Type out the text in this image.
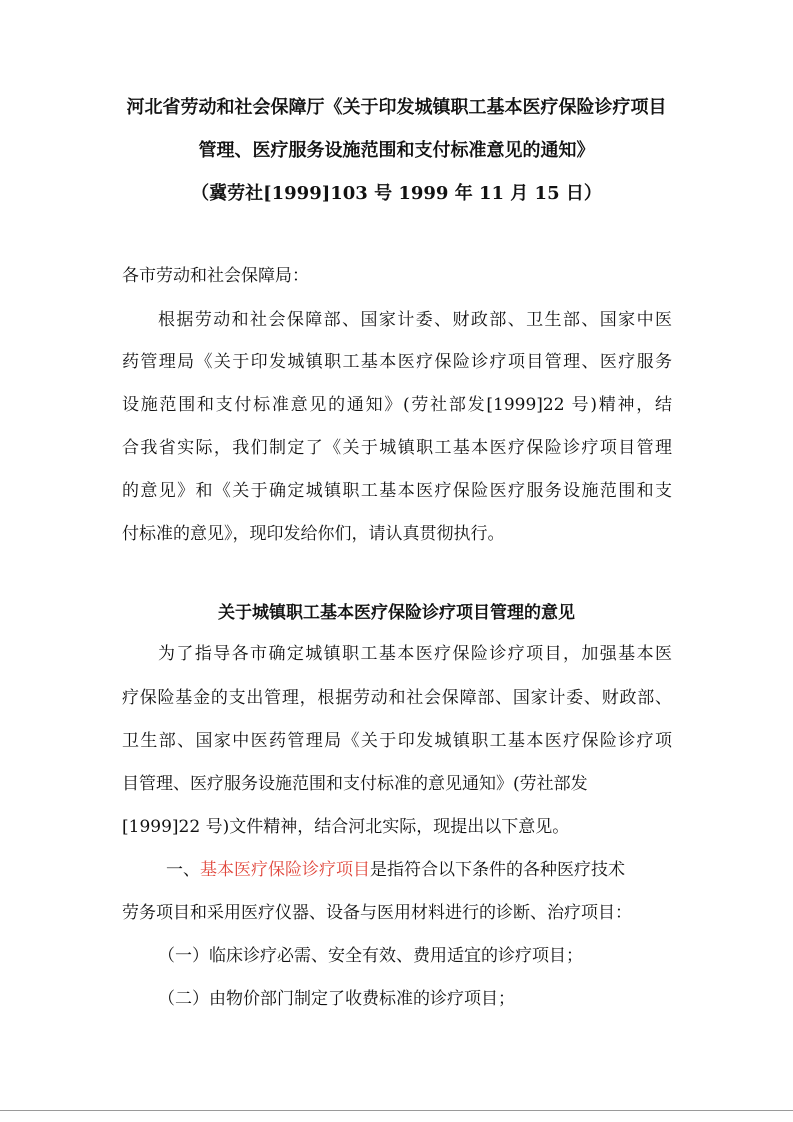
河北省劳动和社会保障厅《关于印发城镇职工基本医疗保险诊疗项目
管理、医疗服务设施范围和支付标准意见的通知》
（冀劳社[1999]103 号 1999 年 11 月 15 日）
各市劳动和社会保障局：
根据劳动和社会保障部、国家计委、财政部、卫生部、国家中医
药管理局《关于印发城镇职工基本医疗保险诊疗项目管理、医疗服务
设施范围和支付标准意见的通知》(劳社部发[1999]22 号)精神，结
合我省实际，我们制定了《关于城镇职工基本医疗保险诊疗项目管理
的意见》和《关于确定城镇职工基本医疗保险医疗服务设施范围和支
付标准的意见》，现印发给你们，请认真贯彻执行。
关于城镇职工基本医疗保险诊疗项目管理的意见
为了指导各市确定城镇职工基本医疗保险诊疗项目，加强基本医
疗保险基金的支出管理，根据劳动和社会保障部、国家计委、财政部、
卫生部、国家中医药管理局《关于印发城镇职工基本医疗保险诊疗项
目管理、医疗服务设施范围和支付标准的意见通知》(劳社部发
[1999]22 号)文件精神，结合河北实际，现提出以下意见。
一、基本医疗保险诊疗项目是指符合以下条件的各种医疗技术
劳务项目和采用医疗仪器、设备与医用材料进行的诊断、治疗项目：
（一）临床诊疗必需、安全有效、费用适宜的诊疗项目；
（二）由物价部门制定了收费标准的诊疗项目；
